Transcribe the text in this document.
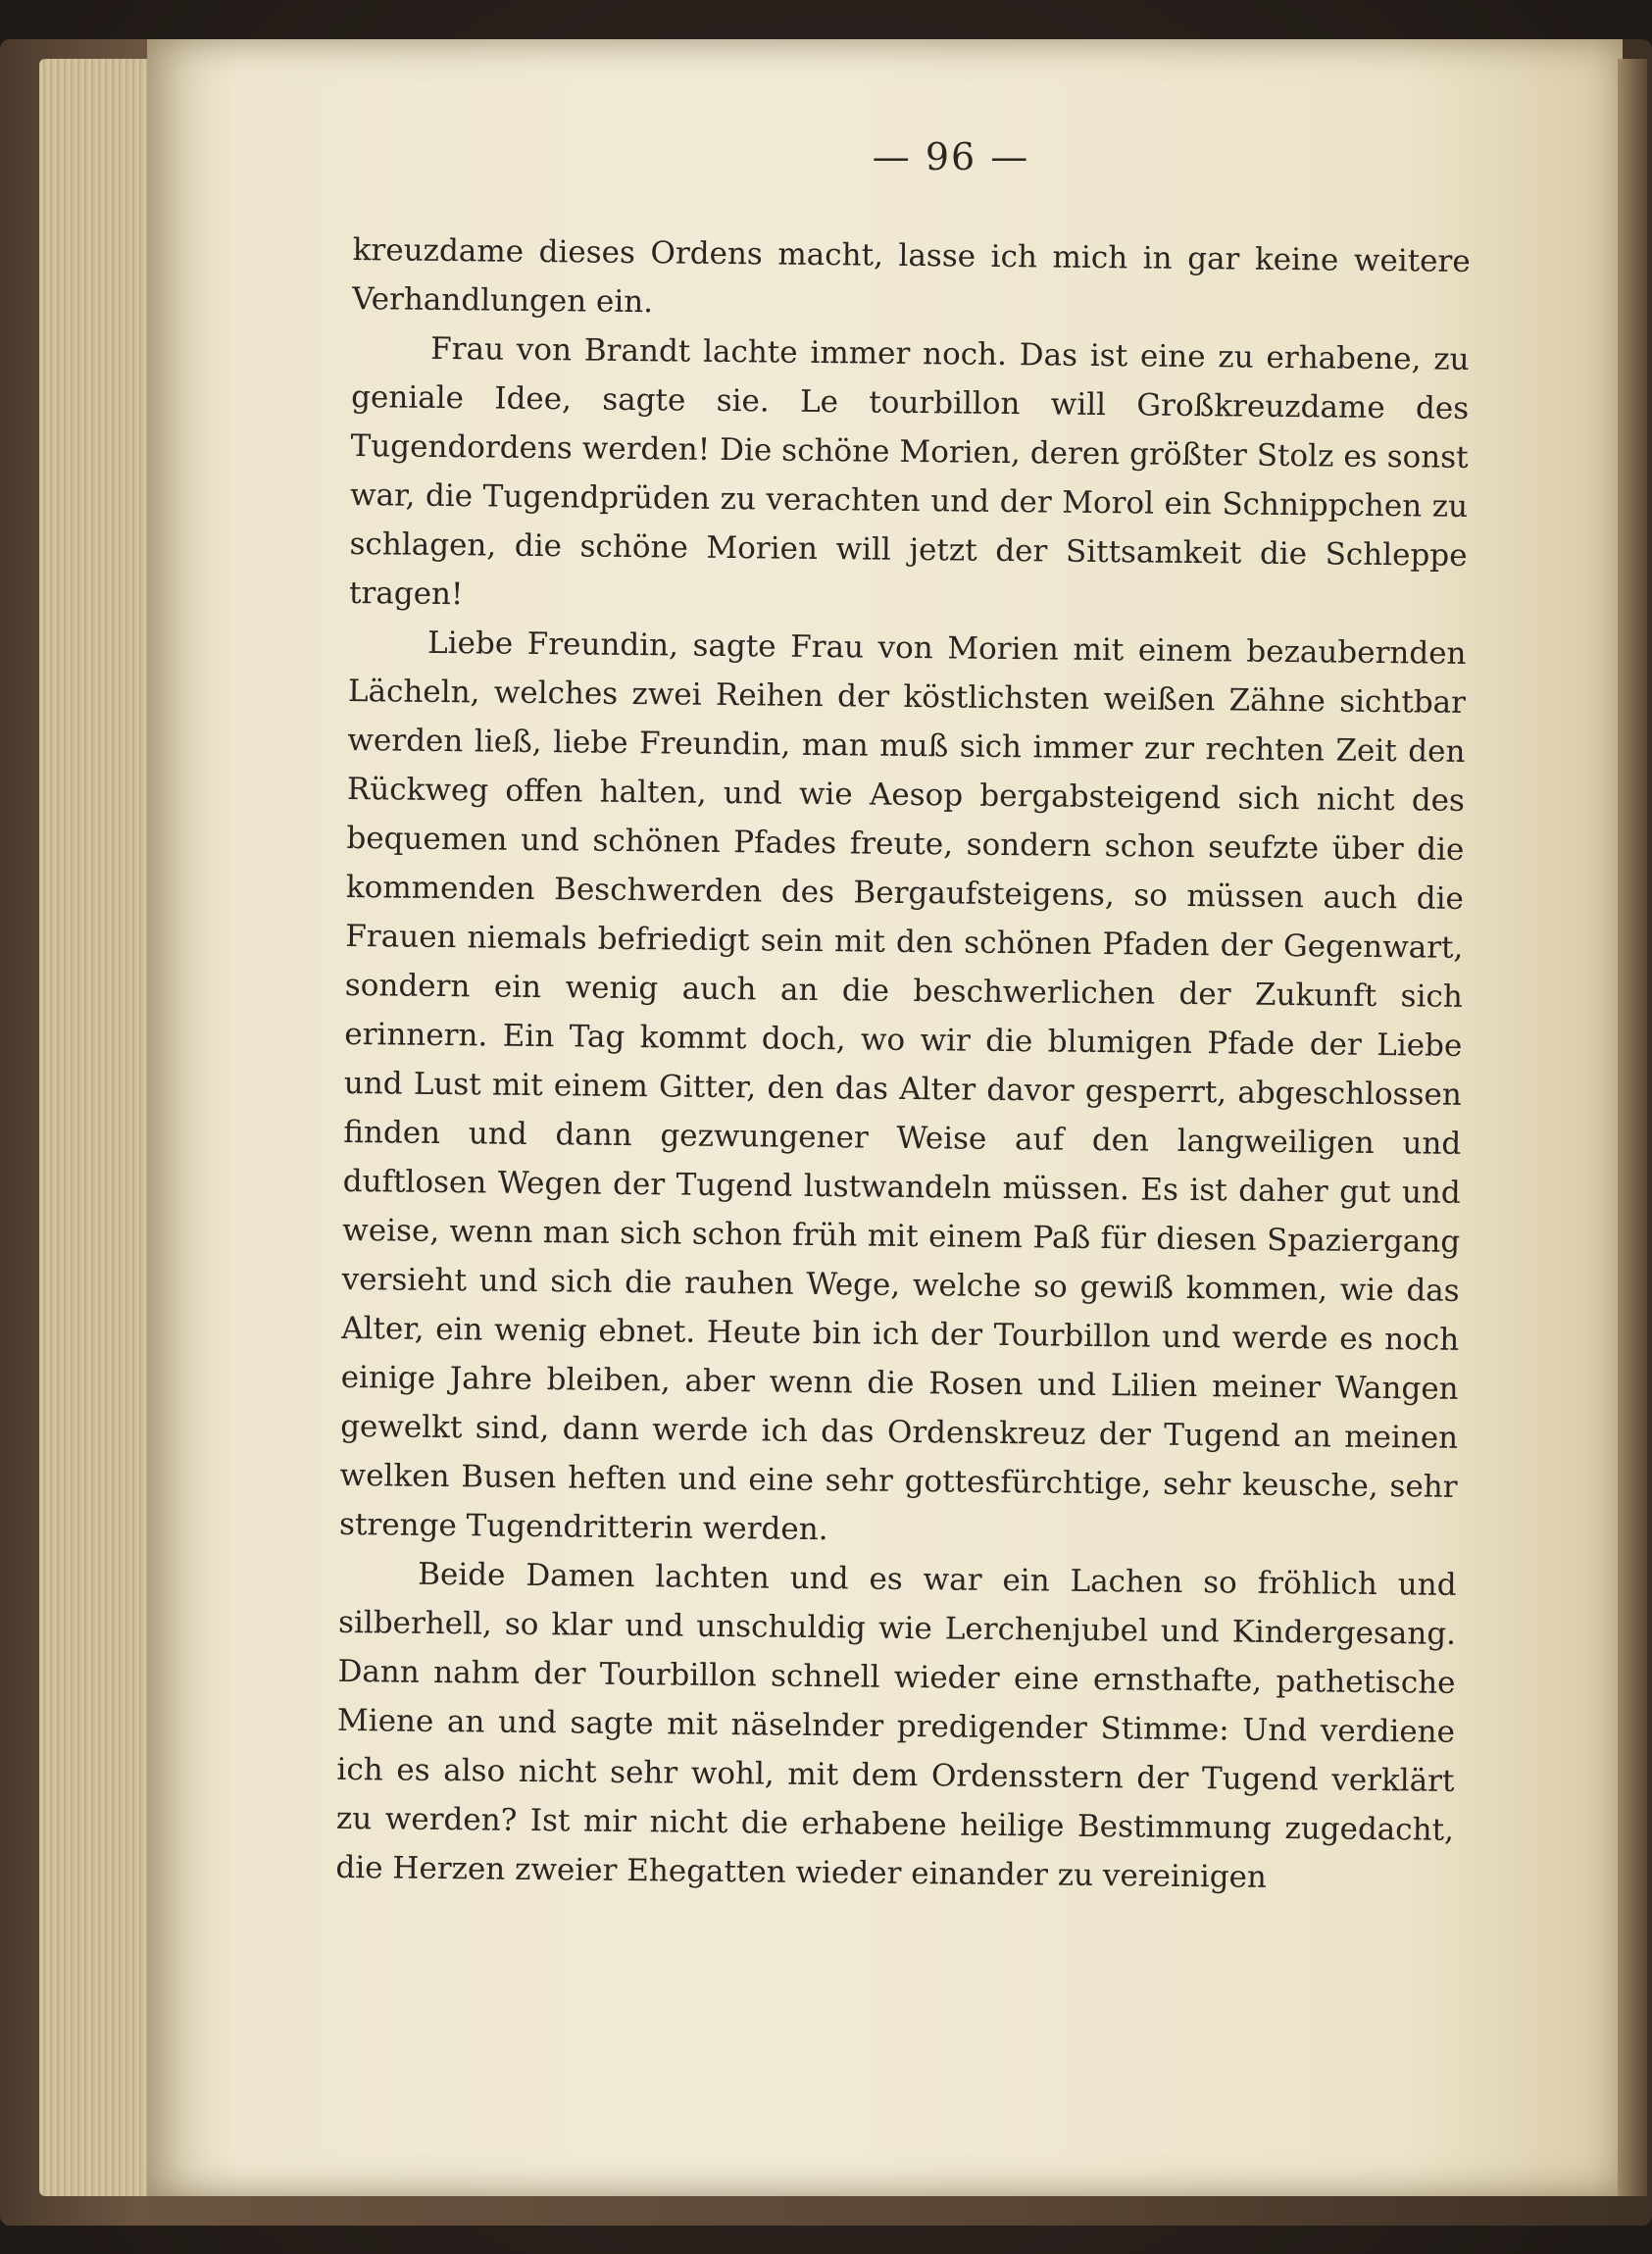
— 96 —

kreuzdame dieses Ordens macht, lasse ich mich in gar keine weitere Verhandlungen ein.

Frau von Brandt lachte immer noch. Das ist eine zu erhabene, zu geniale Idee, sagte sie. Le tourbillon will Großkreuzdame des Tugendordens werden! Die schöne Morien, deren größter Stolz es sonst war, die Tugendprüden zu verachten und der Morol ein Schnippchen zu schlagen, die schöne Morien will jetzt der Sittsamkeit die Schleppe tragen!

Liebe Freundin, sagte Frau von Morien mit einem bezaubernden Lächeln, welches zwei Reihen der köstlichsten weißen Zähne sichtbar werden ließ, liebe Freundin, man muß sich immer zur rechten Zeit den Rückweg offen halten, und wie Aesop bergabsteigend sich nicht des bequemen und schönen Pfades freute, sondern schon seufzte über die kommenden Beschwerden des Bergaufsteigens, so müssen auch die Frauen niemals befriedigt sein mit den schönen Pfaden der Gegenwart, sondern ein wenig auch an die beschwerlichen der Zukunft sich erinnern. Ein Tag kommt doch, wo wir die blumigen Pfade der Liebe und Lust mit einem Gitter, den das Alter davor gesperrt, abgeschlossen finden und dann gezwungener Weise auf den langweiligen und duftlosen Wegen der Tugend lustwandeln müssen. Es ist daher gut und weise, wenn man sich schon früh mit einem Paß für diesen Spaziergang versieht und sich die rauhen Wege, welche so gewiß kommen, wie das Alter, ein wenig ebnet. Heute bin ich der Tourbillon und werde es noch einige Jahre bleiben, aber wenn die Rosen und Lilien meiner Wangen gewelkt sind, dann werde ich das Ordenskreuz der Tugend an meinen welken Busen heften und eine sehr gottesfürchtige, sehr keusche, sehr strenge Tugendritterin werden.

Beide Damen lachten und es war ein Lachen so fröhlich und silberhell, so klar und unschuldig wie Lerchenjubel und Kindergesang. Dann nahm der Tourbillon schnell wieder eine ernsthafte, pathetische Miene an und sagte mit näselnder predigender Stimme: Und verdiene ich es also nicht sehr wohl, mit dem Ordensstern der Tugend verklärt zu werden? Ist mir nicht die erhabene heilige Bestimmung zugedacht, die Herzen zweier Ehegatten wieder einander zu vereinigen
